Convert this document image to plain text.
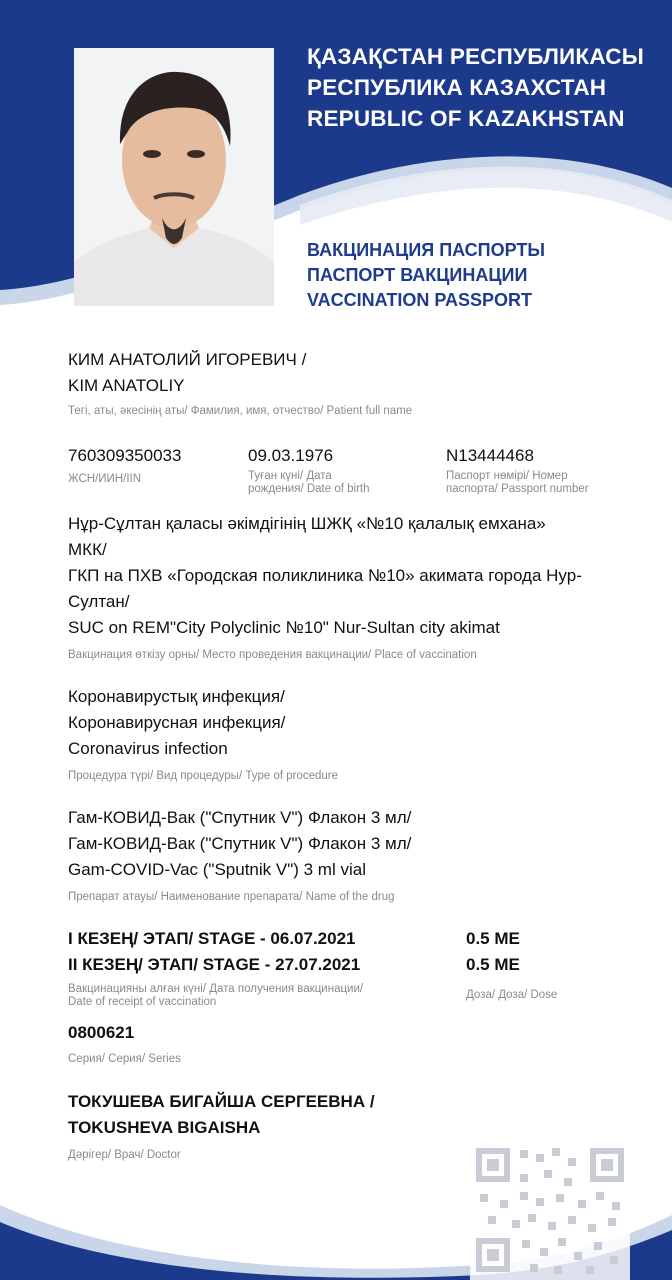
ҚАЗАҚСТАН РЕСПУБЛИКАСЫ
РЕСПУБЛИКА КАЗАХСТАН
REPUBLIC OF KAZAKHSTAN
ВАКЦИНАЦИЯ ПАСПОРТЫ
ПАСПОРТ ВАКЦИНАЦИИ
VACCINATION PASSPORT
КИМ АНАТОЛИЙ ИГОРЕВИЧ /
KIM ANATOLIY
Тегі, аты, әкесінің аты/ Фамилия, имя, отчество/ Patient full name
760309350033
ЖСН/ИИН/IIN
09.03.1976
Туған күні/ Дата
рождения/ Date of birth
N13444468
Паспорт нөмірі/ Номер
паспорта/ Passport number
Нұр-Сұлтан қаласы әкімдігінің ШЖҚ «№10 қалалық емхана»
МКК/
ГКП на ПХВ «Городская поликлиника №10» акимата города Нур-
Султан/
SUC on REM"City Polyclinic №10" Nur-Sultan city akimat
Вакцинация өткізу орны/ Место проведения вакцинации/ Place of vaccination
Коронавирустық инфекция/
Коронавирусная инфекция/
Coronavirus infection
Процедура түрі/ Вид процедуры/ Type of procedure
Гам-КОВИД-Вак ("Спутник V") Флакон 3 мл/
Гам-КОВИД-Вак ("Спутник V") Флакон 3 мл/
Gam-COVID-Vac ("Sputnik V") 3 ml vial
Препарат атауы/ Наименование препарата/ Name of the drug
I КЕЗЕҢ/ ЭТАП/ STAGE - 06.07.2021
II КЕЗЕҢ/ ЭТАП/ STAGE - 27.07.2021
Вакцинацияны алған күні/ Дата получения вакцинации/
Date of receipt of vaccination
0.5 МЕ
0.5 МЕ
Доза/ Доза/ Dose
0800621
Серия/ Серия/ Series
ТОКУШЕВА БИГАЙША СЕРГЕЕВНА /
TOKUSHEVA BIGAISHA
Дәрігер/ Врач/ Doctor
